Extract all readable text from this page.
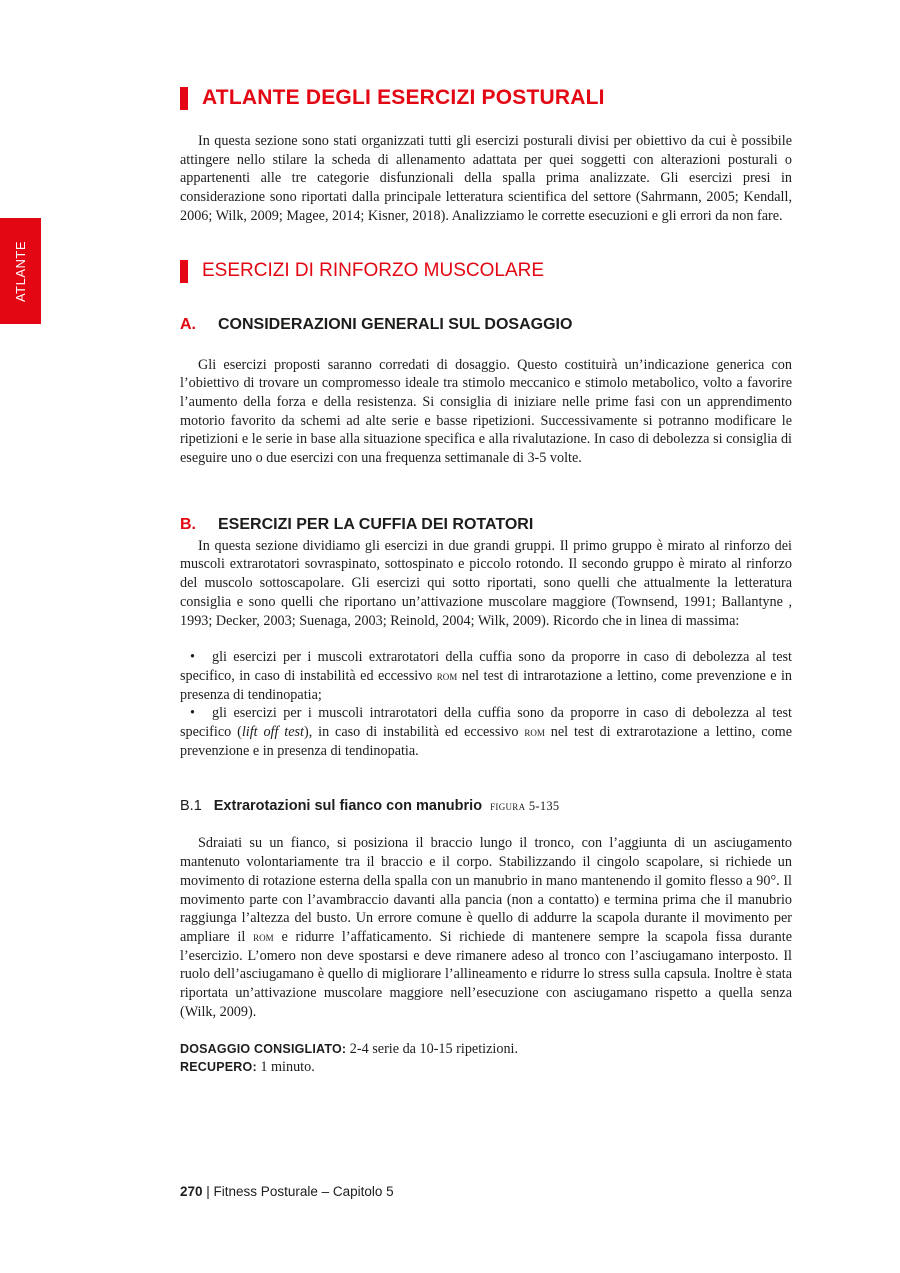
ATLANTE
ATLANTE DEGLI ESERCIZI POSTURALI

In questa sezione sono stati organizzati tutti gli esercizi posturali divisi per obiettivo da cui è possibile attingere nello stilare la scheda di allenamento adattata per quei soggetti con alterazioni posturali o appartenenti alle tre categorie disfunzionali della spalla prima analizzate. Gli esercizi presi in considerazione sono riportati dalla principale letteratura scientifica del settore (Sahrmann, 2005; Kendall, 2006; Wilk, 2009; Magee, 2014; Kisner, 2018). Analizziamo le corrette esecuzioni e gli errori da non fare.

ESERCIZI DI RINFORZO MUSCOLARE
A.	CONSIDERAZIONI GENERALI SUL DOSAGGIO

Gli esercizi proposti saranno corredati di dosaggio. Questo costituirà un’indicazione generica con l’obiettivo di trovare un compromesso ideale tra stimolo meccanico e stimolo metabolico, volto a favorire l’aumento della forza e della resistenza. Si consiglia di iniziare nelle prime fasi con un apprendimento motorio favorito da schemi ad alte serie e basse ripetizioni. Successivamente si potranno modificare le ripetizioni e le serie in base alla situazione specifica e alla rivalutazione. In caso di debolezza si consiglia di eseguire uno o due esercizi con una frequenza settimanale di 3-5 volte.

B.	ESERCIZI PER LA CUFFIA DEI ROTATORI

In questa sezione dividiamo gli esercizi in due grandi gruppi. Il primo gruppo è mirato al rinforzo dei muscoli extrarotatori sovraspinato, sottospinato e piccolo rotondo. Il secondo gruppo è mirato al rinforzo del muscolo sottoscapolare. Gli esercizi qui sotto riportati, sono quelli che attualmente la letteratura consiglia e sono quelli che riportano un’attivazione muscolare maggiore (Townsend, 1991; Ballantyne , 1993; Decker, 2003; Suenaga, 2003; Reinold, 2004; Wilk, 2009). Ricordo che in linea di massima:

• gli esercizi per i muscoli extrarotatori della cuffia sono da proporre in caso di debolezza al test specifico, in caso di instabilità ed eccessivo rom nel test di intrarotazione a lettino, come prevenzione e in presenza di tendinopatia;
• gli esercizi per i muscoli intrarotatori della cuffia sono da proporre in caso di debolezza al test specifico (lift off test), in caso di instabilità ed eccessivo rom nel test di extrarotazione a lettino, come prevenzione e in presenza di tendinopatia.
B.1 Extrarotazioni sul fianco con manubrio figura 5-135

Sdraiati su un fianco, si posiziona il braccio lungo il tronco, con l’aggiunta di un asciugamento mantenuto volontariamente tra il braccio e il corpo. Stabilizzando il cingolo scapolare, si richiede un movimento di rotazione esterna della spalla con un manubrio in mano mantenendo il gomito flesso a 90°. Il movimento parte con l’avambraccio davanti alla pancia (non a contatto) e termina prima che il manubrio raggiunga l’altezza del busto. Un errore comune è quello di addurre la scapola durante il movimento per ampliare il rom e ridurre l’affaticamento. Si richiede di mantenere sempre la scapola fissa durante l’esercizio. L’omero non deve spostarsi e deve rimanere adeso al tronco con l’asciugamano interposto. Il ruolo dell’asciugamano è quello di migliorare l’allineamento e ridurre lo stress sulla capsula. Inoltre è stata riportata un’attivazione muscolare maggiore nell’esecuzione con asciugamano rispetto a quella senza (Wilk, 2009).

DOSAGGIO CONSIGLIATO: 2-4 serie da 10-15 ripetizioni.

RECUPERO: 1 minuto.

270 | Fitness Posturale – Capitolo 5
